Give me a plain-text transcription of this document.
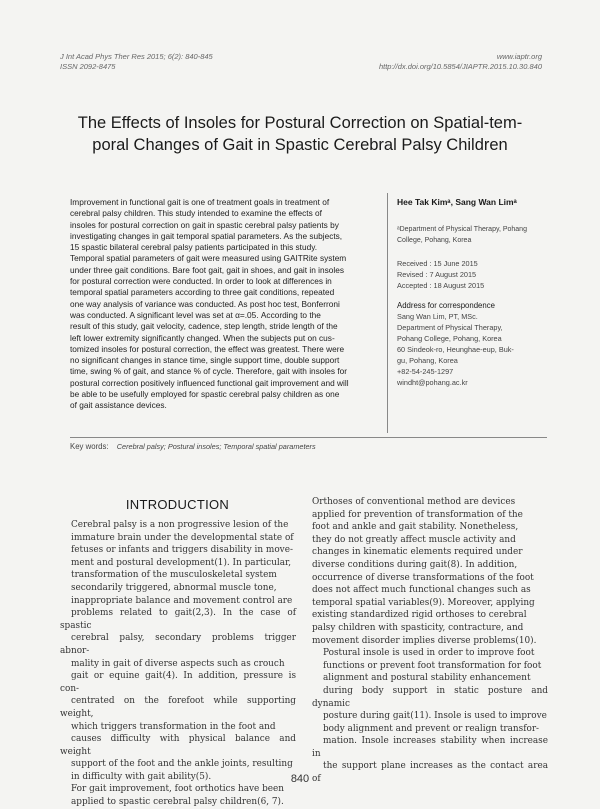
J Int Acad Phys Ther Res 2015; 6(2): 840-845
ISSN 2092-8475
www.iaptr.org
http://dx.doi.org/10.5854/JIAPTR.2015.10.30.840
The Effects of Insoles for Postural Correction on Spatial-tem-
poral Changes of Gait in Spastic Cerebral Palsy Children
Improvement in functional gait is one of treatment goals in treatment of
cerebral palsy children. This study intended to examine the effects of
insoles for postural correction on gait in spastic cerebral palsy patients by
investigating changes in gait temporal spatial parameters. As the subjects,
15 spastic bilateral cerebral palsy patients participated in this study.
Temporal spatial parameters of gait were measured using GAITRite system
under three gait conditions. Bare foot gait, gait in shoes, and gait in insoles
for postural correction were conducted. In order to look at differences in
temporal spatial parameters according to three gait conditions, repeated
one way analysis of variance was conducted. As post hoc test, Bonferroni
was conducted. A significant level was set at α=.05. According to the
result of this study, gait velocity, cadence, step length, stride length of the
left lower extremity significantly changed. When the subjects put on cus-
tomized insoles for postural correction, the effect was greatest. There were
no significant changes in stance time, single support time, double support
time, swing % of gait, and stance % of cycle. Therefore, gait with insoles for
postural correction positively influenced functional gait improvement and will
be able to be usefully employed for spastic cerebral palsy children as one
of gait assistance devices.
Hee Tak Kimᵃ, Sang Wan Limᵃ
ᵃDepartment of Physical Therapy, Pohang
College, Pohang, Korea
Received : 15 June 2015
Revised : 7 August 2015
Accepted : 18 August 2015
Address for correspondence
Sang Wan Lim, PT, MSc.
Department of Physical Therapy,
Pohang College, Pohang, Korea
60 Sindeok-ro, Heunghae-eup, Buk-
gu, Pohang, Korea
+82-54-245-1297
windht@pohang.ac.kr
Key words: Cerebral palsy; Postural insoles; Temporal spatial parameters
INTRODUCTION

Cerebral palsy is a non progressive lesion of the
immature brain under the developmental state of
fetuses or infants and triggers disability in move-
ment and postural development(1). In particular,
transformation of the musculoskeletal system
secondarily triggered, abnormal muscle tone,
inappropriate balance and movement control are
problems related to gait(2,3). In the case of spastic
cerebral palsy, secondary problems trigger abnor-
mality in gait of diverse aspects such as crouch
gait or equine gait(4). In addition, pressure is con-
centrated on the forefoot while supporting weight,
which triggers transformation in the foot and
causes difficulty with physical balance and weight
support of the foot and the ankle joints, resulting
in difficulty with gait ability(5).

For gait improvement, foot orthotics have been
applied to spastic cerebral palsy children(6, 7).

Orthoses of conventional method are devices
applied for prevention of transformation of the
foot and ankle and gait stability. Nonetheless,
they do not greatly affect muscle activity and
changes in kinematic elements required under
diverse conditions during gait(8). In addition,
occurrence of diverse transformations of the foot
does not affect much functional changes such as
temporal spatial variables(9). Moreover, applying
existing standardized rigid orthoses to cerebral
palsy children with spasticity, contracture, and
movement disorder implies diverse problems(10).

Postural insole is used in order to improve foot
functions or prevent foot transformation for foot
alignment and postural stability enhancement
during body support in static posture and dynamic
posture during gait(11). Insole is used to improve
body alignment and prevent or realign transfor-
mation. Insole increases stability when increase in
the support plane increases as the contact area of

840
